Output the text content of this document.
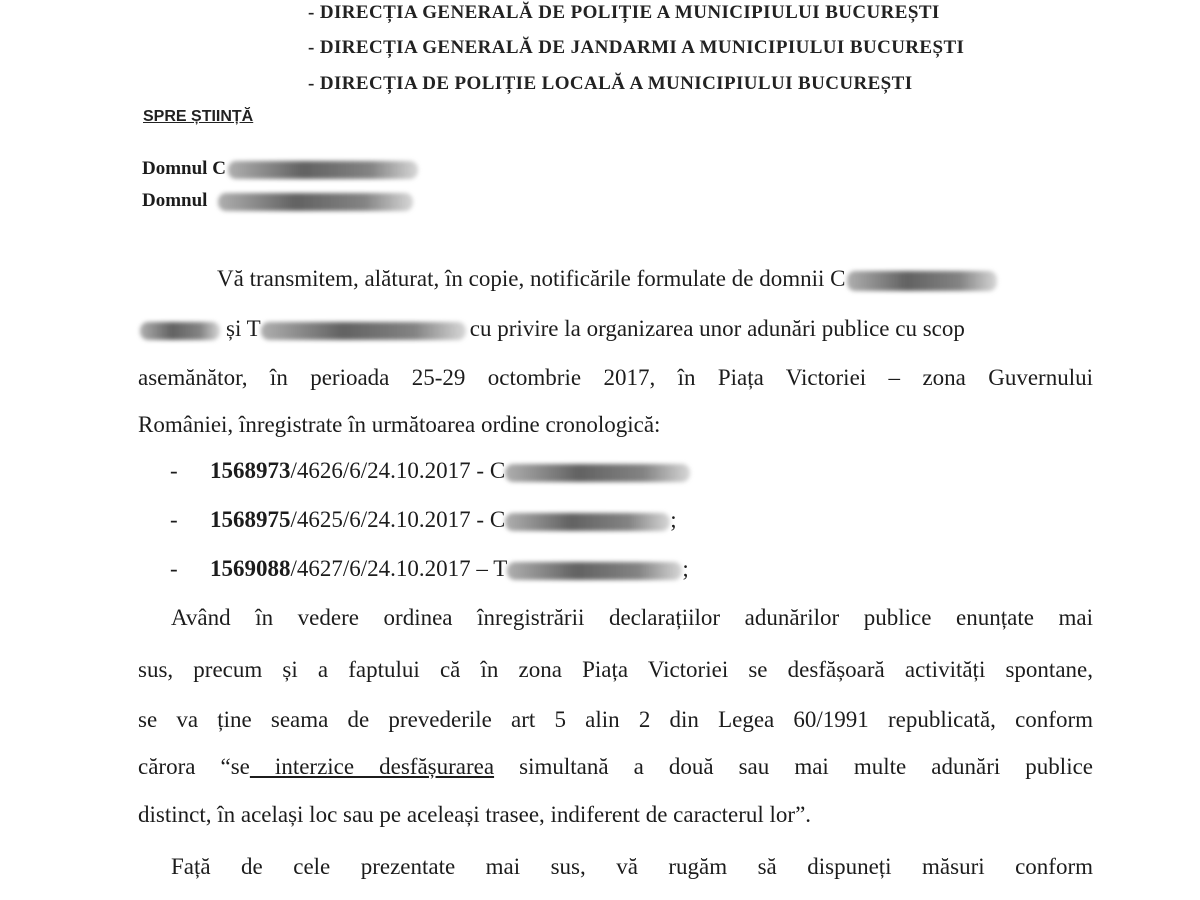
- DIRECȚIA GENERALĂ DE POLIȚIE A MUNICIPIULUI BUCUREȘTI
- DIRECȚIA GENERALĂ DE JANDARMI A MUNICIPIULUI BUCUREȘTI
- DIRECȚIA DE POLIȚIE LOCALĂ A MUNICIPIULUI BUCUREȘTI
SPRE ȘTIINȚĂ
Domnul C
Domnul
Vă transmitem, alăturat, în copie, notificările formulate de domnii C
și T	cu privire la organizarea unor adunări publice cu scop
asemănător, în perioada 25-29 octombrie 2017, în Piața Victoriei – zona Guvernului
României, înregistrate în următoarea ordine cronologică:
- 1568973/4626/6/24.10.2017 - C
- 1568975/4625/6/24.10.2017 - C	;
- 1569088/4627/6/24.10.2017 – T	;
Având în vedere ordinea înregistrării declarațiilor adunărilor publice enunțate mai
sus, precum și a faptului că în zona Piața Victoriei se desfășoară activități spontane,
se va ține seama de prevederile art 5 alin 2 din Legea 60/1991 republicată, conform
cărora “se interzice desfășurarea simultană a două sau mai multe adunări publice
distinct, în același loc sau pe aceleași trasee, indiferent de caracterul lor”.
Față de cele prezentate mai sus, vă rugăm să dispuneți măsuri conform
